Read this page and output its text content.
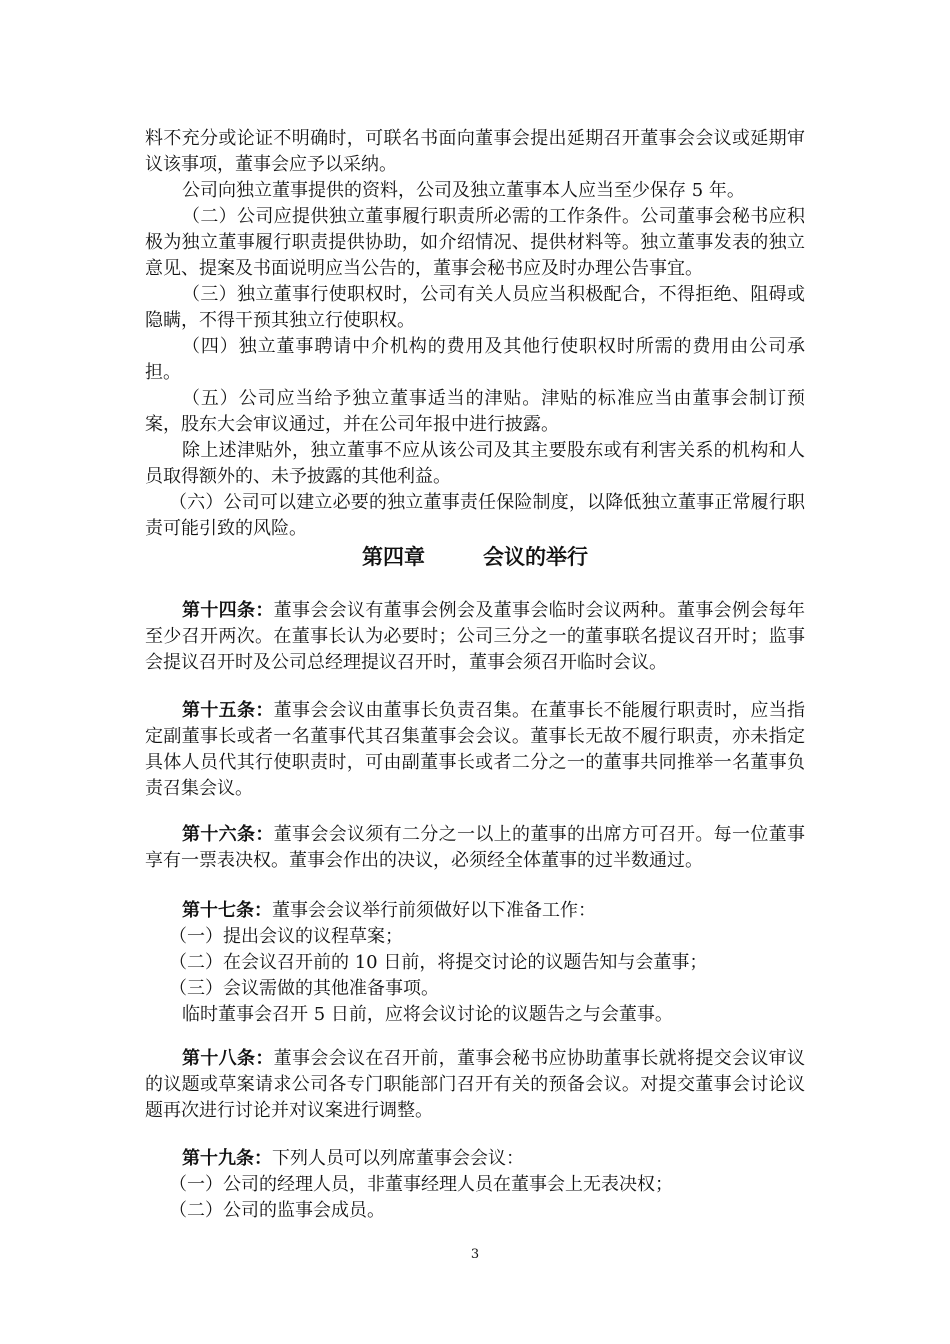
料不充分或论证不明确时，可联名书面向董事会提出延期召开董事会会议或延期审议该事项，董事会应予以采纳。

公司向独立董事提供的资料，公司及独立董事本人应当至少保存 5 年。

（二）公司应提供独立董事履行职责所必需的工作条件。公司董事会秘书应积极为独立董事履行职责提供协助，如介绍情况、提供材料等。独立董事发表的独立意见、提案及书面说明应当公告的，董事会秘书应及时办理公告事宜。

（三）独立董事行使职权时，公司有关人员应当积极配合，不得拒绝、阻碍或隐瞒，不得干预其独立行使职权。

（四）独立董事聘请中介机构的费用及其他行使职权时所需的费用由公司承担。

（五）公司应当给予独立董事适当的津贴。津贴的标准应当由董事会制订预案，股东大会审议通过，并在公司年报中进行披露。

除上述津贴外，独立董事不应从该公司及其主要股东或有利害关系的机构和人员取得额外的、未予披露的其他利益。

（六）公司可以建立必要的独立董事责任保险制度，以降低独立董事正常履行职责可能引致的风险。

第四章	会议的举行

第十四条：董事会会议有董事会例会及董事会临时会议两种。董事会例会每年至少召开两次。在董事长认为必要时；公司三分之一的董事联名提议召开时；监事会提议召开时及公司总经理提议召开时，董事会须召开临时会议。

第十五条：董事会会议由董事长负责召集。在董事长不能履行职责时，应当指定副董事长或者一名董事代其召集董事会会议。董事长无故不履行职责，亦未指定具体人员代其行使职责时，可由副董事长或者二分之一的董事共同推举一名董事负责召集会议。

第十六条：董事会会议须有二分之一以上的董事的出席方可召开。每一位董事享有一票表决权。董事会作出的决议，必须经全体董事的过半数通过。

第十七条：董事会会议举行前须做好以下准备工作：

（一）提出会议的议程草案；

（二）在会议召开前的 10 日前，将提交讨论的议题告知与会董事；

（三）会议需做的其他准备事项。

临时董事会召开 5 日前，应将会议讨论的议题告之与会董事。

第十八条：董事会会议在召开前，董事会秘书应协助董事长就将提交会议审议的议题或草案请求公司各专门职能部门召开有关的预备会议。对提交董事会讨论议题再次进行讨论并对议案进行调整。

第十九条：下列人员可以列席董事会会议：

（一）公司的经理人员，非董事经理人员在董事会上无表决权；

（二）公司的监事会成员。

3
